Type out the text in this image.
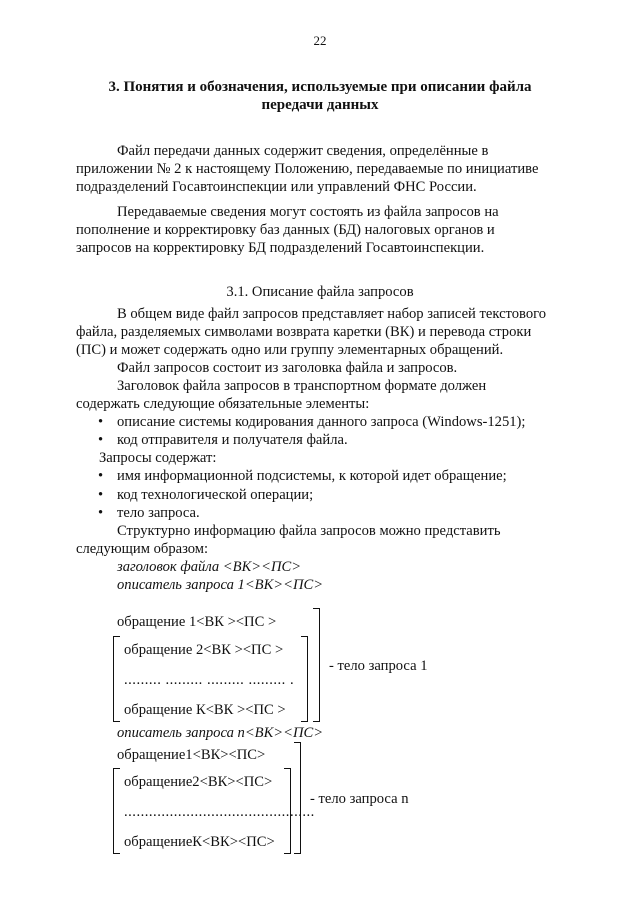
22
3. Понятия и обозначения, используемые при описании файла
передачи данных
Файл передачи данных содержит сведения, определённые в
приложении № 2 к настоящему Положению, передаваемые по инициативе
подразделений Госавтоинспекции или управлений ФНС России.
Передаваемые сведения могут состоять из файла запросов на
пополнение и корректировку баз данных (БД) налоговых органов и
запросов на корректировку БД подразделений Госавтоинспекции.
3.1. Описание файла запросов
В общем виде файл запросов представляет набор записей текстового
файла, разделяемых символами возврата каретки (ВК) и перевода строки
(ПС) и может содержать одно или группу элементарных обращений.
Файл запросов состоит из заголовка файла и запросов.
Заголовок файла запросов в транспортном формате должен
содержать следующие обязательные элементы:
• описание системы кодирования данного запроса (Windows-1251);
• код отправителя и получателя файла.
Запросы содержат:
• имя информационной подсистемы, к которой идет обращение;
• код технологической операции;
• тело запроса.
Структурно информацию файла запросов можно представить
следующим образом:
заголовок файла <ВК><ПС>
описатель запроса 1<ВК><ПС>
обращение 1<ВК ><ПС >
обращение 2<ВК ><ПС >
......... ......... ......... ......... .
обращение К<ВК ><ПС >
- тело запроса 1
описатель запроса n<ВК><ПС>
обращение1<ВК><ПС>
обращение2<ВК><ПС>
..............................................
обращениеК<ВК><ПС>
- тело запроса n
